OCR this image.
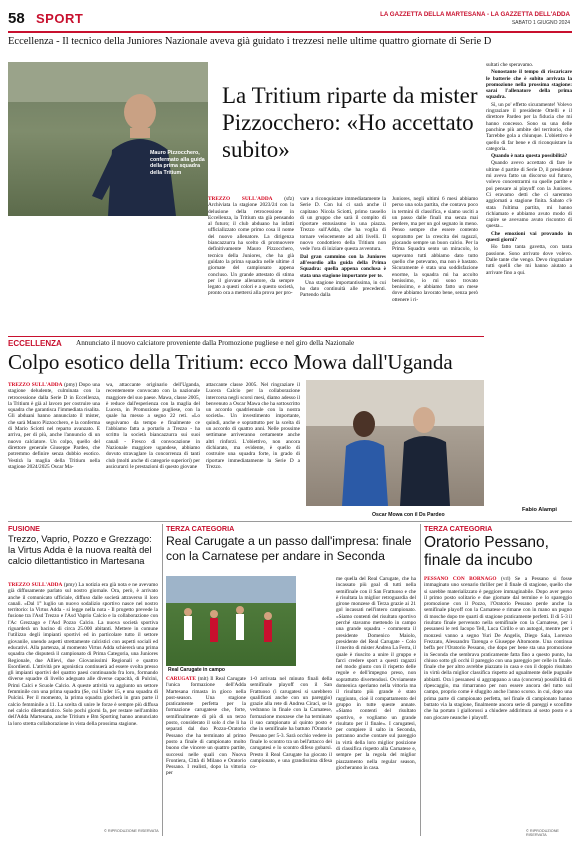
58 SPORT	LA GAZZETTA DELLA MARTESANA - LA GAZZETTA DELL'ADDA
SABATO 1 GIUGNO 2024
Eccellenza - Il tecnico della Juniores Nazionale aveva già guidato i trezzesi nelle ultime quattro giornate di Serie D
Mauro Pizzocchero, confermato alla guida della prima squadra della Tritium
La Tritium riparte da mister Pizzocchero: «Ho accettato subito»

TREZZO SULL'ADDA (sfz) Archiviata la stagione 2023/24 con la delusione della retrocessione in Eccellenza, la Tritium sta già pensando al futuro; il club abduano ha infatti ufficializzato come primo cosa il nome del nuovo allenatore. La dirigenza biancazzurra ha scelto di promuovere definitivamente Mauro Pizzocchero, tecnico della Juniores, che ha già guidato la prima squadra nelle ultime 4 giornate del campionato appena concluso. Un grande attestato di stima per il giovane allenatore, da sempre legato a questi colori e a questo società, pronto ora a mettersi alla prova per pro-

vare a riconquistare immediatamente la Serie D. Con lui ci sarà anche il capitano Nicola Sciotti, primo tassello di un gruppo che sarà il compito di riportare entusiasmo in una piazza. Trezzo sull'Adda, che ha voglia di tornare velocemente ad alti livelli. Il nuovo condottiero della Tritium non vede l'ora di iniziare questa avventura.

Dal gran cammino con la Juniores all'esordio alla guida della Prima Squadra: quella appena conclusa è stata una stagione importante per te.

Una stagione importantissima, in cui ho dato continuità alle precedenti. Partendo dalla

Juniores, negli ultimi 6 mesi abbiamo perso una sola partita, che contava poco in termini di classifica, e siamo usciti a un passo dalle finali ma senza mai perdere, ma per un gol segnato in meno. Penso sempre che essere contento sopratutto per la crescita dei ragazzi, giocando sempre un buon calcio. Per la Prima Squadra sento un miracolo, lo sapevamo tutti abbiamo dato tutto quello che potevamo, ma non è bastato. Sicuramente è stata una soddisfazione enorme, la squadra mi ha accolto benissimo, io mi sono trovato benissimo, e abbiamo fatto un mese dove abbiamo lavorato bene, senza però ottenere i ri-

sultati che speravamo.

Nonostante il tempo di riscaricare le batterie che è subito arrivata la promozione nella prossima stagione: sarai l'allenatore della prima squadra.

Sì, un po' effetto sicuramente! Volevo ringraziare il presidente Ottelli e il direttore Pardeo per la fiducia che mi hanno concesso. Sono su una delle panchine più ambite del territorio, che Tarrebbe gola a chiunque. L'obiettivo è quello di far bene e di riconquistare la categoria.

Quando è nata questa possibilità?

Quando avevo accettato di fare le ultime 4 partite di Serie D, il presidente mi aveva fatto un discorso sul futuro, volevo concentrarmi su quelle partite e poi pensare ai playoff con la Juniores. Ci eravamo detti che ci saremmo aggiornati a stagione finita. Sabato c'è stata l'ultima partita, mi hanno richiamato e abbiamo avuto modo di capire se avevamo avuto riscontro di questa...

Che emozioni vai provando in questi giorni?

Ho fatto tanta gavetta, con tanta passione. Sono arrivato dove volevo. Dalle tante che vengo. Devo ringraziare tutti quelli che mi hanno aiutato a arrivare fino a qui.

ECCELLENZA Annunciato il nuovo calciatore proveniente dalla Promozione pugliese e nel giro della Nazionale
Colpo esotico della Tritium: ecco Mowa dall'Uganda

TREZZO SULL'ADDA (pmy) Dopo una stagione deludente, culminata con la retrocessione dalla Serie D in Eccellenza, la Tritium è già al lavoro per costruire una squadra che garantisca l'immediata risalita. Gli abduani hanno annunciato il mister, che sarà Mauro Pizzocchero, e la conferma di Mario Sciotti nel reparto avanzato. E arriva, per di più, anche l'annuncio di un nuovo calciatore. Un colpo, quello del direttore generale Giuseppe Pardeo, che potremmo definire senza dubbio esotico. Vestirà la maglia della Tritium nella stagione 2024/2025 Oscar Ma-

wa, attaccante originario dell'Uganda, recentemente convocato con la nazionale maggiore del suo paese. Mawa, classe 2005, è reduce dall'esperienza con la maglia del Lucera, in Promozione pugliese, con la quale ha messo a segno 22 reti. «Lo seguivamo da tempo e finalmente ce l'abbiamo fatta a portarlo a Trezzo - ha scritto la società biancazzurra sui suoi canali - Fresco di convocazione in Nazionale maggiore ugandese, abbiamo dovuto stravaglare la concorrenza di tanti club (molti anche di categorie superiori) per assicurarci le prestazioni di questo giovane

attaccante classe 2005. Nel ringraziare il Lucera Calcio per la collaborazione intercorsa negli scorsi mesi, diamo adesso il benvenuto a Oscar Mawa che ha sottoscritto un accordo quadriennale con la nostra società». Un investimento importante, quindi, anche e soprattutto per la scelta di un accordo di quattro anni. Nelle prossime settimane arriveranno certamente anche altri rinforzi. L'obiettivo, non ancora dichiarato, ma evidente, è quello di costruire una squadra forte, in grado di riportare immediatamente la Serie D a Trezzo.

Oscar Mowa con il Ds Pardeo
Fabio Alampi
FUSIONE
Trezzo, Vaprio, Pozzo e Grezzago: la Virtus Adda è la nuova realtà del calcio dilettantistico in Martesana

TREZZO SULL'ADDA (pmy) La notizia era già nota e ne avevamo già diffusamente parlato sul nostro giornale. Ora, però, è arrivato anche il comunicato ufficiale, diffuso dalle società attraverso il loro canali. «Dal 1° luglio un nuovo sodalizio sportivo nasce nel nostro territorio: la Virtus Adda - si legge nella nota - Il progetto prevede la fusione tra l'Asd Trezzo e l'Asd Vaprio Calcio e la collaborazione con l'Ac Grezzago e l'Asd Pozzo Calcio. La nuova società sportiva riguarderà un bacino di circa 25.000 abitanti. Mettere in comune l'utilizzo degli impianti sportivi ed in particolare tutto il settore giovanile, unendo aspetti strettamente calcistici con aspetti sociali ed educativi. Alla partenza, al momento Virtus Adda schiererà una prima squadra che disputerà il campionato di Prima Categoria, una Juniores Regionale, due Allievi, due Giovanissimi Regionali e quattro Esordienti. L'attività pre agonistica continuerà ad essere svolta presso gli impianti sportivi del quattro paesi continuando fra loro, formando diverse squadre di livello adeguato alle diverse capacità, di Pulcini, Primi Calci e Scuole Calcio. A queste attività va aggiunto un settore femminile con una prima squadra (Se, cui Under 15, e una squadra di Pulcini. Per il momento, la prima squadra giocherà in gran parte il calcio femminile a 11. La scelta di unire le forze è sempre più diffusa nel calcio dilettantistico. Solo pochi giorni fa, per restare nell'ambito dell'Adda Martesana, anche Tritium e Bm Sporting hanno annunciato la loro stretta collaborazione in vista della prossima stagione.

© RIPRODUZIONE RISERVATA
TERZA CATEGORIA
Real Carugate a un passo dall'impresa: finale con la Carnatese per andare in Seconda
Real Carugate in campo

CARUGATE (mlt) Il Real Carugate l'unica formazione dell'Adda Martesana rimasta in gioco nella post-season. Una stagione praticamente perfetta per la formazione carugatese che, forte, semifinalmente di più di un terzo posto, considerato il solo 4 che li ha separati dal duo Pozzo-Oratorio Pessano che ha terminato al primo posto a finale di campionato molto buono che vincere un quattro partite, successi nelle quali con Nuova Frontiera, Città di Milano e Oratorio Pessano. I realisti, dopo la vittoria per

1-0 arrivata nel minuto finali della semifinale playoff con il San Frattuoso (i carugatesi si sarebbero qualificati anche con un pareggio) grazie alla rete di Andrea Ciracì, se la vedranno in finale con la Carnatese, formazione monzese che ha terminato il suo campionato al quinto posto e che in semifinale ha battuto l'Oratorio Pessano per 5-3. Sarà occhio vedere in finale lo scontro tra un bell'attacco dei carugatesi e lo scontro difeso gobarsi. Presto il Real Carugate ha giocato il campionato, e una grandissima difesa co-

me quella del Real Carugate, che ha incassato più goal di tutti nella semifinale con il San Frattuoso e che è risultata la miglior retroguardia del girone monzese di Terza grazie ai 21 gol incassati nell'intero campionato. «Siamo contenti del risultato sportivo perché stavamo mettendo in campo una grande squadra - commenta il presidente Domenico Maiolo, presidente del Real Carugate - Colo il merito di mister Andrea La Ferra, il quale è riuscito a unire il gruppo e farci credere sport a questi ragazzi nel modo giusto con il rispetto delle regole e dell'impegno preso, non soprattutto divertendosi. Ovviamente domenica speriamo nella vittoria ma il risultato più grande è stato raggiunto, cioè il compattamento del gruppo in tutte queste annate. «Siamo contenti del risultato sportivo, e vogliamo un grande risultato per il finale». I carugatesi, per compiere il salto in Seconda, potranno anche contare sul pareggio in virtù della loro miglior posizione di classifica rispetto alla Carnatese e, sempre per la regola del miglior piazzamento nella regular season, giocheranno in casa.

TERZA CATEGORIA
Oratorio Pessano, finale da incubo

PESSANO CON BORNAGO (vrl) Se a Pessano si fosse immaginato uno scenario thriller per il finale di stagione, quello che si sarebbe materializzato è peggiore immaginabile. Dopo aver perso il primo posto solitario e due giornate dal termine e lo spareggio promozione con il Pozzo, l'Oratorio Pessano perde anche la semifinale playoff con la Carnatese e rimane con in mano un pugno di mosche dopo tre quarti di stagione praticamente perfetti. Il di 5-3 il risultato finale pervenuto nella semifinale con la Carnatese, per i pessanesi le reti Iacopo Tell, Luca Cirillo e un autogol, mentre per i monzesi vanno a segno Yuri De Angelis, Diego Sala, Lorenzo Frezzato, Alessandro Tarenga e Giuseppe Altomonte. Una continua beffa per l'Oratorio Pessano, che dopo per bene sta una promozione in Seconda che sembrava praticamente fatta fino a questo punto, ha chiuso sotto gli occhi il pareggio con una pareggio per celle in finale. finale che per altro avrebbe piazzato in casa e con il doppio risultato in virtù della miglior classifica rispetto ad ugualmente delle pugnaile abbiatti. Ora i pessanesi si aggrappano a una (concreta) possibilità di ripescaggio, ma rimarranno per non essere ancora del tutto sul campo, proprio come è sfuggito anche l'anno scorso. in cui, dopo una prima parte di campionato perfetta, nel finale di campionato hanno buttato via la stagione, finalmente ancora serie di pareggi e sconfitte che ha portato i giallorossi a chiudere addirittura al sesto posto e a non giocare neanche i playoff.

© RIPRODUZIONE RISERVATA
